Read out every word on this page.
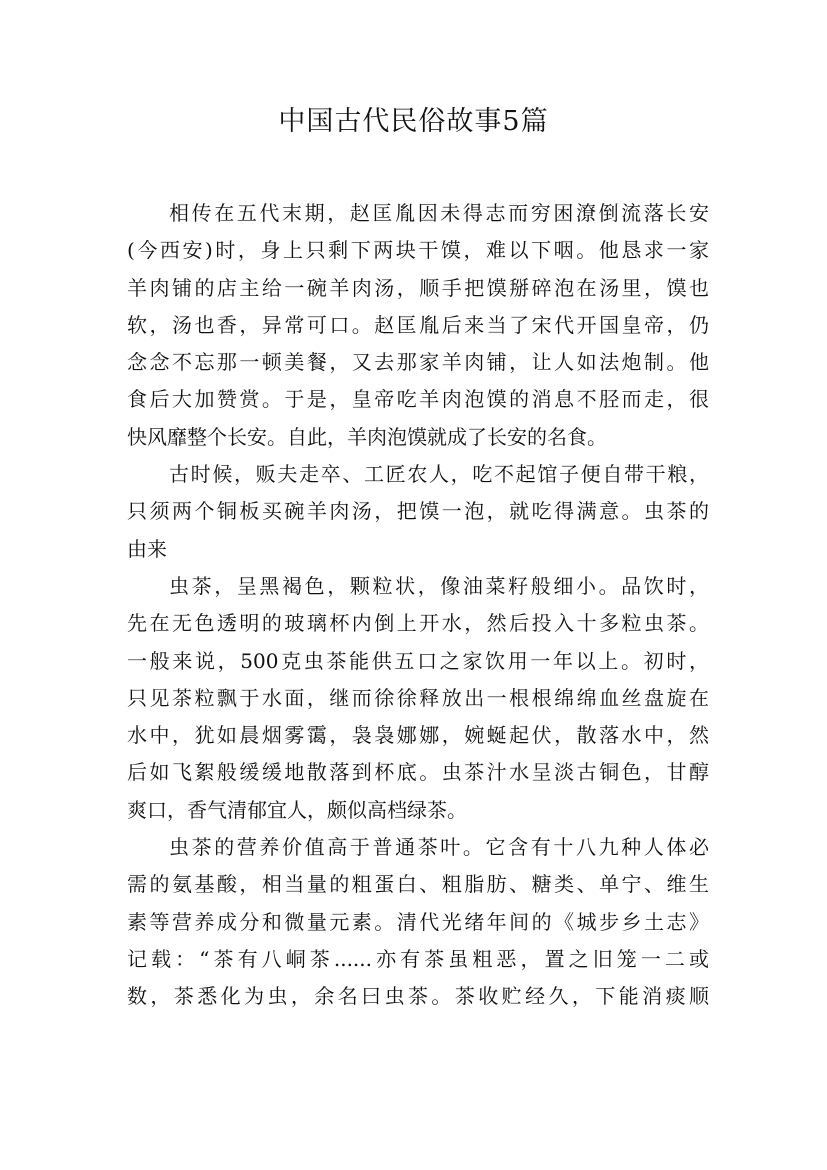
中国古代民俗故事5篇
相传在五代末期，赵匡胤因未得志而穷困潦倒流落长安
(今西安)时，身上只剩下两块干馍，难以下咽。他恳求一家
羊肉铺的店主给一碗羊肉汤，顺手把馍掰碎泡在汤里，馍也
软，汤也香，异常可口。赵匡胤后来当了宋代开国皇帝，仍
念念不忘那一顿美餐，又去那家羊肉铺，让人如法炮制。他
食后大加赞赏。于是，皇帝吃羊肉泡馍的消息不胫而走，很
快风靡整个长安。自此，羊肉泡馍就成了长安的名食。
古时候，贩夫走卒、工匠农人，吃不起馆子便自带干粮，
只须两个铜板买碗羊肉汤，把馍一泡，就吃得满意。虫茶的
由来
虫茶，呈黑褐色，颗粒状，像油菜籽般细小。品饮时，
先在无色透明的玻璃杯内倒上开水，然后投入十多粒虫茶。
一般来说，500克虫茶能供五口之家饮用一年以上。初时，
只见茶粒飘于水面，继而徐徐释放出一根根绵绵血丝盘旋在
水中，犹如晨烟雾霭，袅袅娜娜，婉蜒起伏，散落水中，然
后如飞絮般缓缓地散落到杯底。虫茶汁水呈淡古铜色，甘醇
爽口，香气清郁宜人，颇似高档绿茶。
虫茶的营养价值高于普通茶叶。它含有十八九种人体必
需的氨基酸，相当量的粗蛋白、粗脂肪、糖类、单宁、维生
素等营养成分和微量元素。清代光绪年间的《城步乡土志》
记载：“茶有八峒茶......亦有茶虽粗恶，置之旧笼一二或
数，茶悉化为虫，余名曰虫茶。茶收贮经久，下能消痰顺
